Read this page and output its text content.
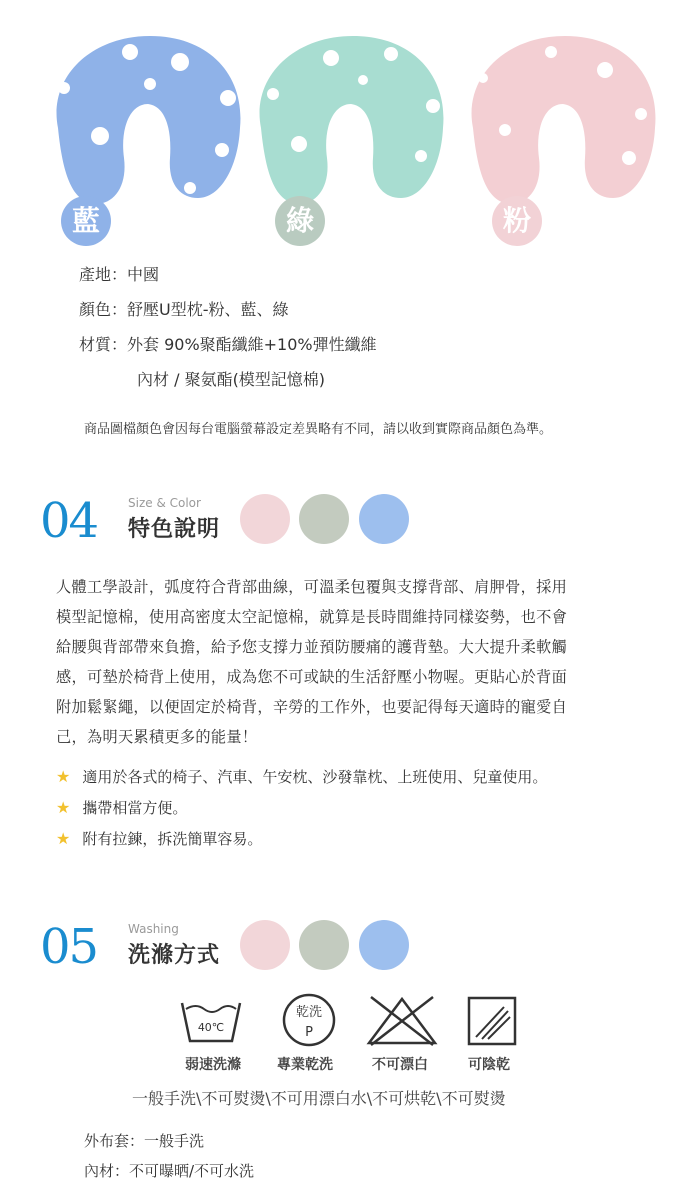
藍	綠	粉
產地：中國
顏色：舒壓U型枕-粉、藍、綠
材質：外套 90%聚酯纖維+10%彈性纖維
內材 / 聚氨酯(模型記憶棉)
商品圖檔顏色會因每台電腦螢幕設定差異略有不同，請以收到實際商品顏色為準。
04	Size & Color
特色說明
人體工學設計，弧度符合背部曲線，可溫柔包覆與支撐背部、肩胛骨，採用
模型記憶棉，使用高密度太空記憶棉，就算是長時間維持同樣姿勢，也不會
給腰與背部帶來負擔，給予您支撐力並預防腰痛的護背墊。大大提升柔軟觸
感，可墊於椅背上使用，成為您不可或缺的生活舒壓小物喔。更貼心於背面
附加鬆緊繩，以便固定於椅背，辛勞的工作外，也要記得每天適時的寵愛自
己，為明天累積更多的能量！
★ 適用於各式的椅子、汽車、午安枕、沙發靠枕、上班使用、兒童使用。
★ 攜帶相當方便。
★ 附有拉鍊，拆洗簡單容易。
05	Washing
洗滌方式
40℃
乾洗
P
弱速洗滌	專業乾洗	不可漂白	可陰乾
一般手洗\不可熨燙\不可用漂白水\不可烘乾\不可熨燙
外布套：一般手洗
內材：不可曝晒/不可水洗
